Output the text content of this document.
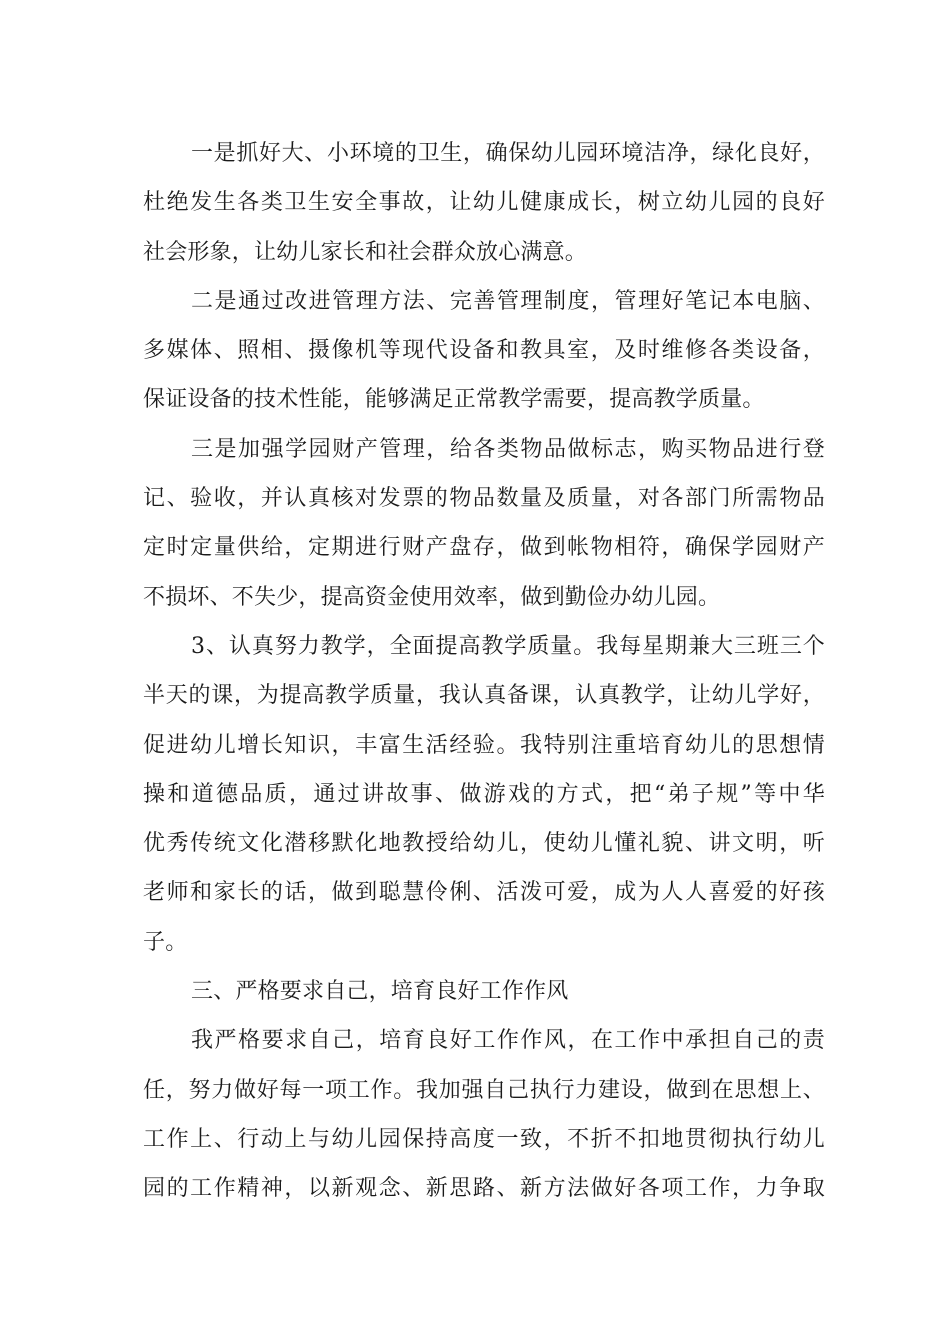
一是抓好大、小环境的卫生，确保幼儿园环境洁净，绿化良好，
杜绝发生各类卫生安全事故，让幼儿健康成长，树立幼儿园的良好
社会形象，让幼儿家长和社会群众放心满意。
二是通过改进管理方法、完善管理制度，管理好笔记本电脑、
多媒体、照相、摄像机等现代设备和教具室，及时维修各类设备，
保证设备的技术性能，能够满足正常教学需要，提高教学质量。
三是加强学园财产管理，给各类物品做标志，购买物品进行登
记、验收，并认真核对发票的物品数量及质量，对各部门所需物品
定时定量供给，定期进行财产盘存，做到帐物相符，确保学园财产
不损坏、不失少，提高资金使用效率，做到勤俭办幼儿园。
3、认真努力教学，全面提高教学质量。我每星期兼大三班三个
半天的课，为提高教学质量，我认真备课，认真教学，让幼儿学好，
促进幼儿增长知识，丰富生活经验。我特别注重培育幼儿的思想情
操和道德品质，通过讲故事、做游戏的方式，把“弟子规”等中华
优秀传统文化潜移默化地教授给幼儿，使幼儿懂礼貌、讲文明，听
老师和家长的话，做到聪慧伶俐、活泼可爱，成为人人喜爱的好孩
子。
三、严格要求自己，培育良好工作作风
我严格要求自己，培育良好工作作风，在工作中承担自己的责
任，努力做好每一项工作。我加强自己执行力建设，做到在思想上、
工作上、行动上与幼儿园保持高度一致，不折不扣地贯彻执行幼儿
园的工作精神，以新观念、新思路、新方法做好各项工作，力争取
